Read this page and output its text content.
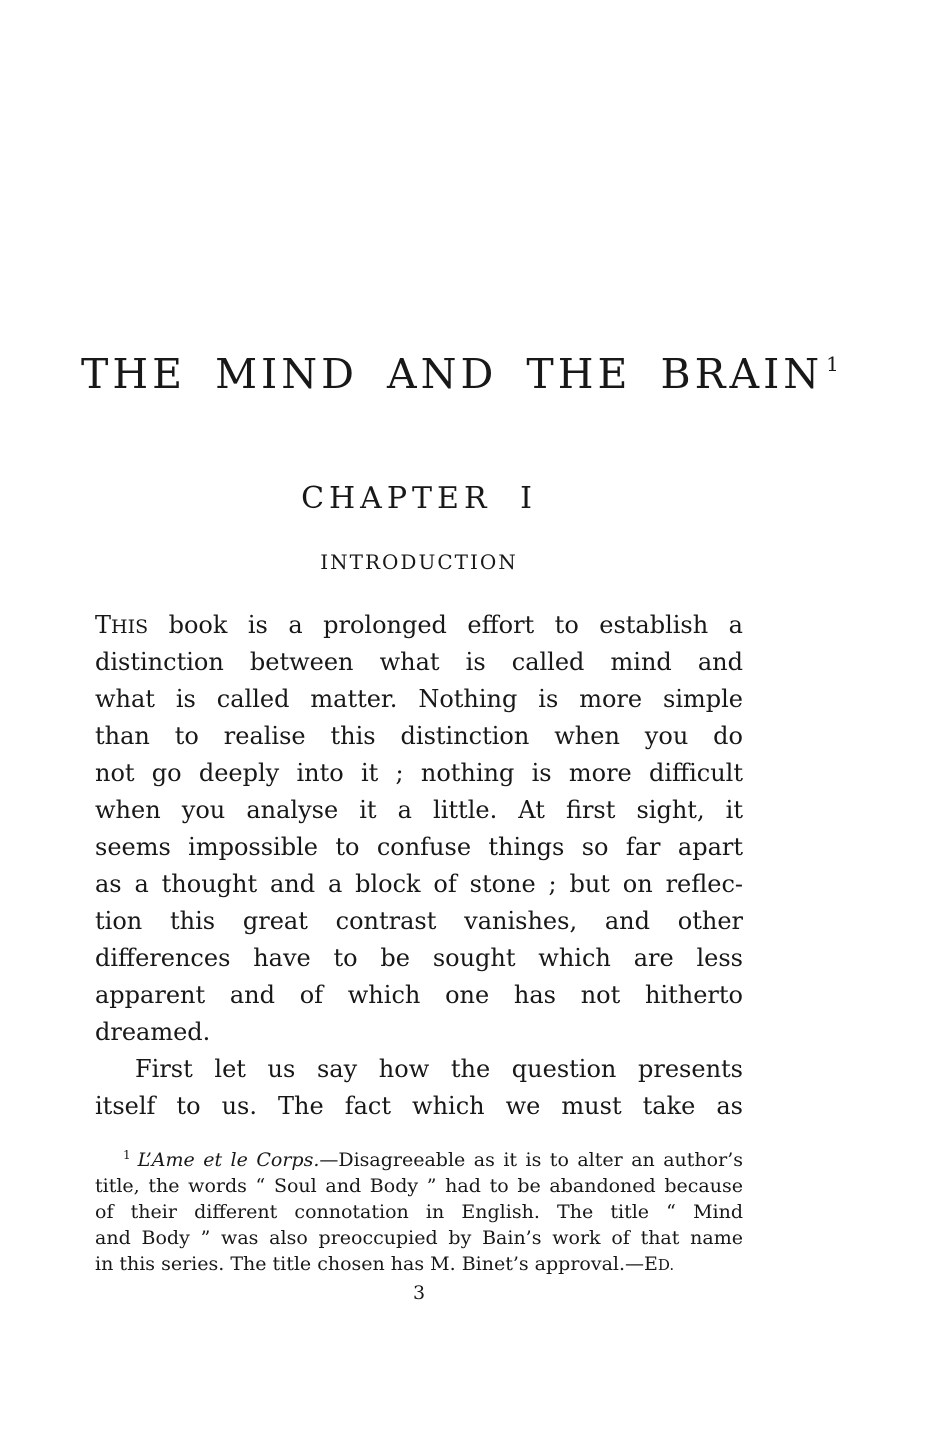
THE MIND AND THE BRAIN $^1$
CHAPTER I
INTRODUCTION
THIS book is a prolonged effort to establish a
distinction between what is called mind and
what is called matter. Nothing is more simple
than to realise this distinction when you do
not go deeply into it ; nothing is more difficult
when you analyse it a little. At first sight, it
seems impossible to confuse things so far apart
as a thought and a block of stone ; but on reflec-
tion this great contrast vanishes, and other
differences have to be sought which are less
apparent and of which one has not hitherto
dreamed.
First let us say how the question presents
itself to us. The fact which we must take as
$^1$ L’Ame et le Corps.—Disagreeable as it is to alter an author’s
title, the words “ Soul and Body ” had to be abandoned because
of their different connotation in English. The title “ Mind
and Body ” was also preoccupied by Bain’s work of that name
in this series. The title chosen has M. Binet’s approval.—ED.
3
